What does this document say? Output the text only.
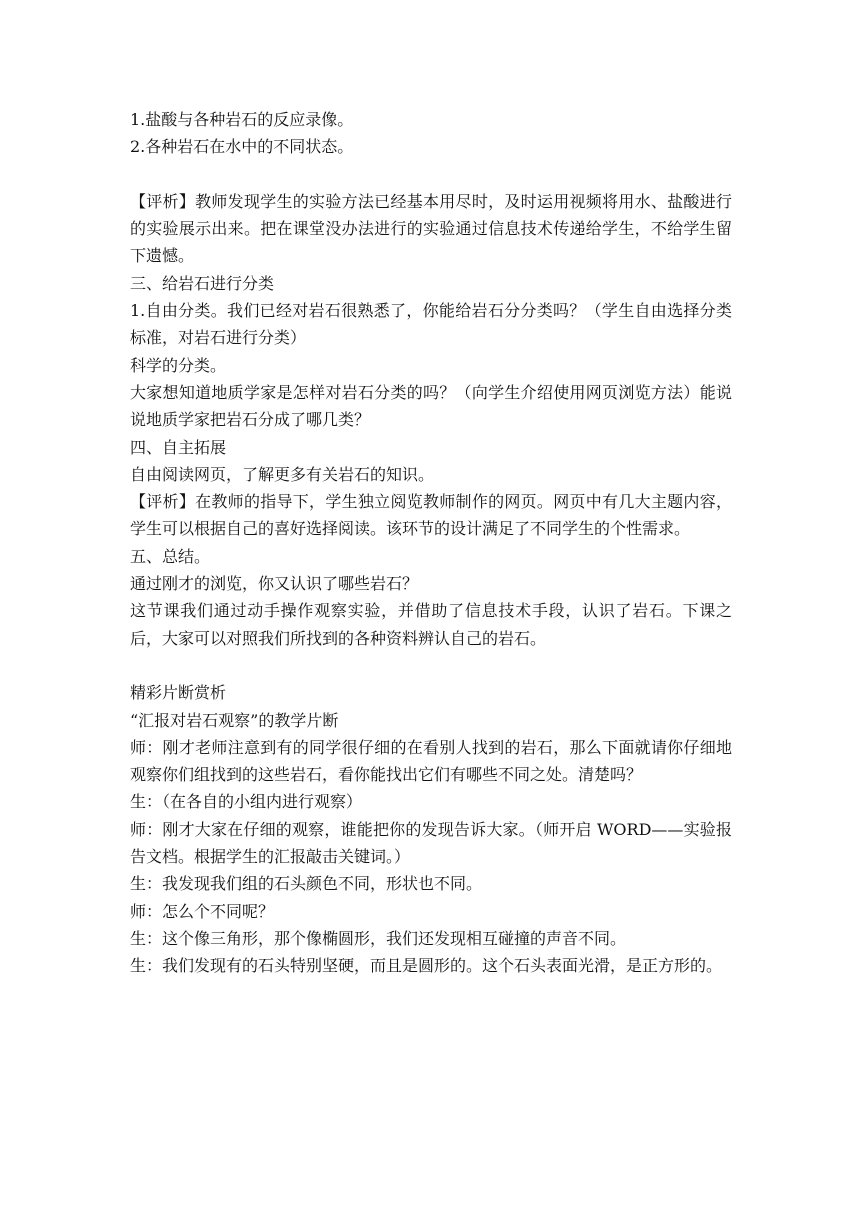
1.盐酸与各种岩石的反应录像。

2.各种岩石在水中的不同状态。

【评析】教师发现学生的实验方法已经基本用尽时，及时运用视频将用水、盐酸进行的实验展示出来。把在课堂没办法进行的实验通过信息技术传递给学生，不给学生留下遗憾。

三、给岩石进行分类

1.自由分类。我们已经对岩石很熟悉了，你能给岩石分分类吗？（学生自由选择分类标准，对岩石进行分类）

科学的分类。

大家想知道地质学家是怎样对岩石分类的吗？（向学生介绍使用网页浏览方法）能说说地质学家把岩石分成了哪几类？

四、自主拓展

自由阅读网页，了解更多有关岩石的知识。

【评析】在教师的指导下，学生独立阅览教师制作的网页。网页中有几大主题内容，学生可以根据自己的喜好选择阅读。该环节的设计满足了不同学生的个性需求。

五、总结。

通过刚才的浏览，你又认识了哪些岩石？

这节课我们通过动手操作观察实验，并借助了信息技术手段，认识了岩石。下课之后，大家可以对照我们所找到的各种资料辨认自己的岩石。

精彩片断赏析

“汇报对岩石观察”的教学片断

师：刚才老师注意到有的同学很仔细的在看别人找到的岩石，那么下面就请你仔细地观察你们组找到的这些岩石，看你能找出它们有哪些不同之处。清楚吗？

生：（在各自的小组内进行观察）

师：刚才大家在仔细的观察，谁能把你的发现告诉大家。（师开启 WORD——实验报告文档。根据学生的汇报敲击关键词。）

生：我发现我们组的石头颜色不同，形状也不同。

师：怎么个不同呢？

生：这个像三角形，那个像椭圆形，我们还发现相互碰撞的声音不同。

生：我们发现有的石头特别坚硬，而且是圆形的。这个石头表面光滑，是正方形的。
